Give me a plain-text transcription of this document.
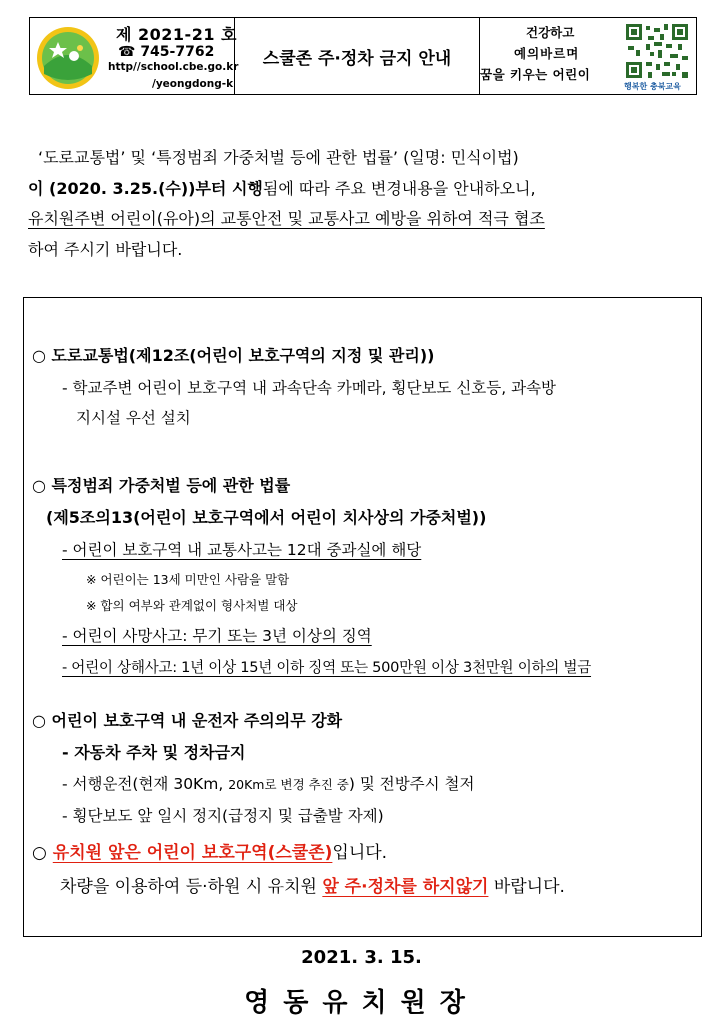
제 2021-21 호
☎ 745-7762
http//school.cbe.go.kr
/yeongdong-k
스쿨존 주·정차 금지 안내
건강하고
예의바르며
꿈을 키우는 어린이
행복한 충북교육

‘도로교통법’ 및 ‘특정범죄 가중처벌 등에 관한 법률’ (일명: 민식이법)

이 (2020. 3.25.(수))부터 시행됨에 따라 주요 변경내용을 안내하오니,

유치원주변 어린이(유아)의 교통안전 및 교통사고 예방을 위하여 적극 협조

하여 주시기 바랍니다.

○ 도로교통법(제12조(어린이 보호구역의 지정 및 관리))
- 학교주변 어린이 보호구역 내 과속단속 카메라, 횡단보도 신호등, 과속방
지시설 우선 설치
○ 특정범죄 가중처벌 등에 관한 법률
(제5조의13(어린이 보호구역에서 어린이 치사상의 가중처벌))
- 어린이 보호구역 내 교통사고는 12대 중과실에 해당
※ 어린이는 13세 미만인 사람을 말함
※ 합의 여부와 관계없이 형사처벌 대상
- 어린이 사망사고: 무기 또는 3년 이상의 징역
- 어린이 상해사고: 1년 이상 15년 이하 징역 또는 500만원 이상 3천만원 이하의 벌금
○ 어린이 보호구역 내 운전자 주의의무 강화
- 자동차 주차 및 정차금지
- 서행운전(현재 30Km, 20Km로 변경 추진 중) 및 전방주시 철저
- 횡단보도 앞 일시 정지(급정지 및 급출발 자제)
○ 유치원 앞은 어린이 보호구역(스쿨존)입니다.
차량을 이용하여 등·하원 시 유치원 앞 주·정차를 하지않기 바랍니다.
2021. 3. 15.
영동유치원장
